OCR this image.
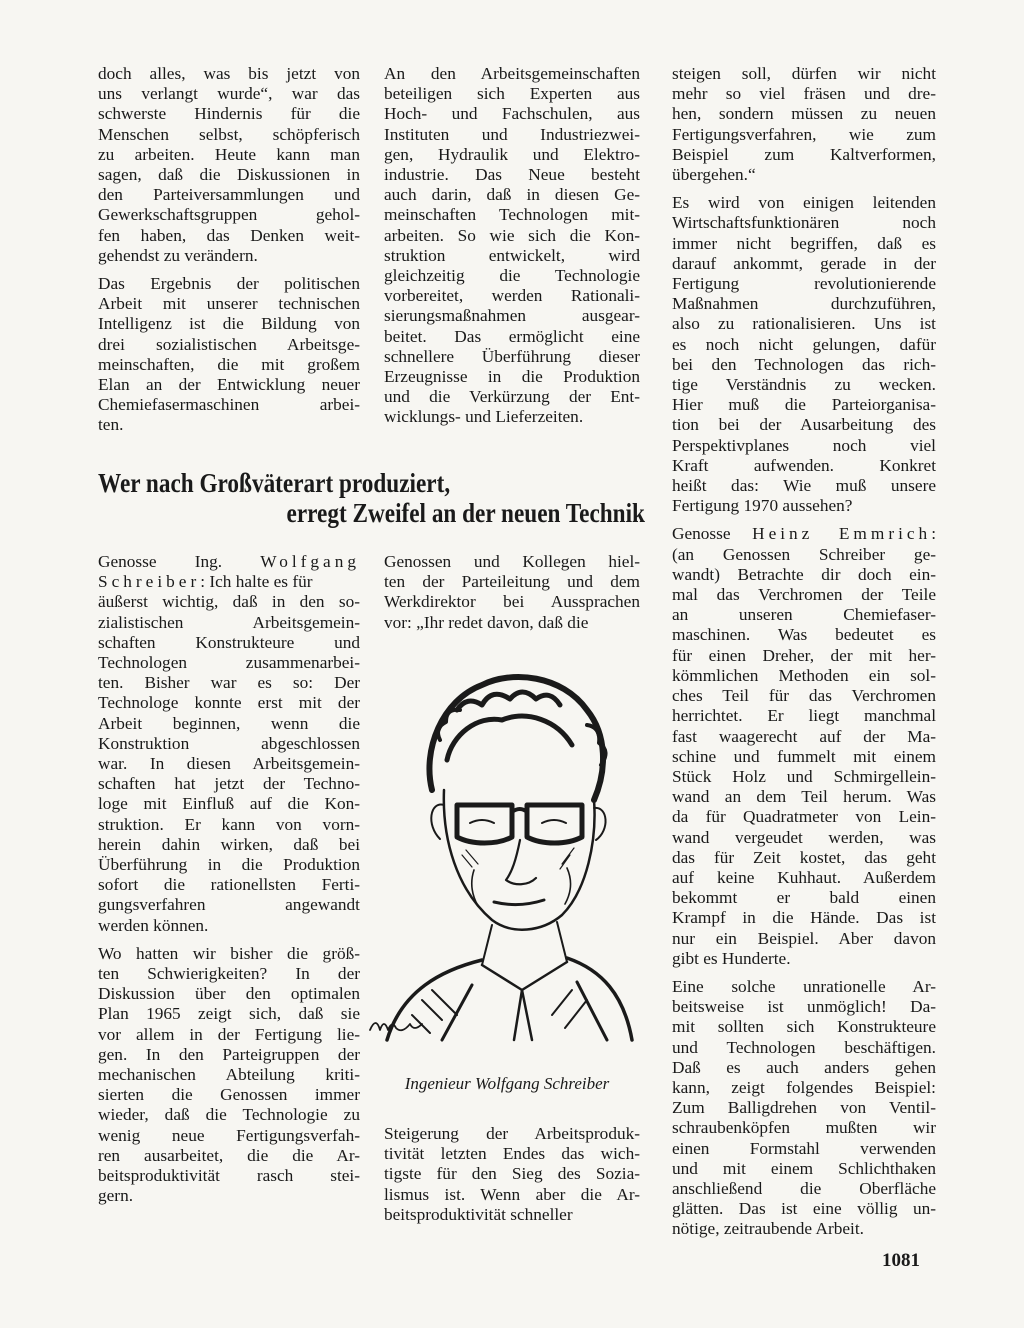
doch alles, was bis jetzt von
uns verlangt wurde“, war das
schwerste Hindernis für die
Menschen selbst, schöpferisch
zu arbeiten. Heute kann man
sagen, daß die Diskussionen in
den Parteiversammlungen und
Gewerkschaftsgruppen gehol-
fen haben, das Denken weit-
gehendst zu verändern.

Das Ergebnis der politischen
Arbeit mit unserer technischen
Intelligenz ist die Bildung von
drei sozialistischen Arbeitsge-
meinschaften, die mit großem
Elan an der Entwicklung neuer
Chemiefasermaschinen arbei-
ten.

An den Arbeitsgemeinschaften
beteiligen sich Experten aus
Hoch- und Fachschulen, aus
Instituten und Industriezwei-
gen, Hydraulik und Elektro-
industrie. Das Neue besteht
auch darin, daß in diesen Ge-
meinschaften Technologen mit-
arbeiten. So wie sich die Kon-
struktion entwickelt, wird
gleichzeitig die Technologie
vorbereitet, werden Rationali-
sierungsmaßnahmen ausgear-
beitet. Das ermöglicht eine
schnellere Überführung dieser
Erzeugnisse in die Produktion
und die Verkürzung der Ent-
wicklungs- und Lieferzeiten.

steigen soll, dürfen wir nicht
mehr so viel fräsen und dre-
hen, sondern müssen zu neuen
Fertigungsverfahren, wie zum
Beispiel zum Kaltverformen,
übergehen.“

Es wird von einigen leitenden
Wirtschaftsfunktionären noch
immer nicht begriffen, daß es
darauf ankommt, gerade in der
Fertigung revolutionierende
Maßnahmen durchzuführen,
also zu rationalisieren. Uns ist
es noch nicht gelungen, dafür
bei den Technologen das rich-
tige Verständnis zu wecken.
Hier muß die Parteiorganisa-
tion bei der Ausarbeitung des
Perspektivplanes noch viel
Kraft aufwenden. Konkret
heißt das: Wie muß unsere
Fertigung 1970 aussehen?

Genosse Heinz Emmrich:
(an Genossen Schreiber ge-
wandt) Betrachte dir doch ein-
mal das Verchromen der Teile
an unseren Chemiefaser-
maschinen. Was bedeutet es
für einen Dreher, der mit her-
kömmlichen Methoden ein sol-
ches Teil für das Verchromen
herrichtet. Er liegt manchmal
fast waagerecht auf der Ma-
schine und fummelt mit einem
Stück Holz und Schmirgellein-
wand an dem Teil herum. Was
da für Quadratmeter von Lein-
wand vergeudet werden, was
das für Zeit kostet, das geht
auf keine Kuhhaut. Außerdem
bekommt er bald einen
Krampf in die Hände. Das ist
nur ein Beispiel. Aber davon
gibt es Hunderte.

Eine solche unrationelle Ar-
beitsweise ist unmöglich! Da-
mit sollten sich Konstrukteure
und Technologen beschäftigen.
Daß es auch anders gehen
kann, zeigt folgendes Beispiel:
Zum Balligdrehen von Ventil-
schraubenköpfen mußten wir
einen Formstahl verwenden
und mit einem Schlichthaken
anschließend die Oberfläche
glätten. Das ist eine völlig un-
nötige, zeitraubende Arbeit.

Wer nach Großväterart produziert,
erregt Zweifel an der neuen Technik

Genosse Ing. Wolfgang
Schreiber: Ich halte es für
äußerst wichtig, daß in den so-
zialistischen Arbeitsgemein-
schaften Konstrukteure und
Technologen zusammenarbei-
ten. Bisher war es so: Der
Technologe konnte erst mit der
Arbeit beginnen, wenn die
Konstruktion abgeschlossen
war. In diesen Arbeitsgemein-
schaften hat jetzt der Techno-
loge mit Einfluß auf die Kon-
struktion. Er kann von vorn-
herein dahin wirken, daß bei
Überführung in die Produktion
sofort die rationellsten Ferti-
gungsverfahren angewandt
werden können.

Wo hatten wir bisher die größ-
ten Schwierigkeiten? In der
Diskussion über den optimalen
Plan 1965 zeigt sich, daß sie
vor allem in der Fertigung lie-
gen. In den Parteigruppen der
mechanischen Abteilung kriti-
sierten die Genossen immer
wieder, daß die Technologie zu
wenig neue Fertigungsverfah-
ren ausarbeitet, die die Ar-
beitsproduktivität rasch stei-
gern.

Genossen und Kollegen hiel-
ten der Parteileitung und dem
Werkdirektor bei Aussprachen
vor: „Ihr redet davon, daß die

Ingenieur Wolfgang Schreiber

Steigerung der Arbeitsproduk-
tivität letzten Endes das wich-
tigste für den Sieg des Sozia-
lismus ist. Wenn aber die Ar-
beitsproduktivität schneller

1081
